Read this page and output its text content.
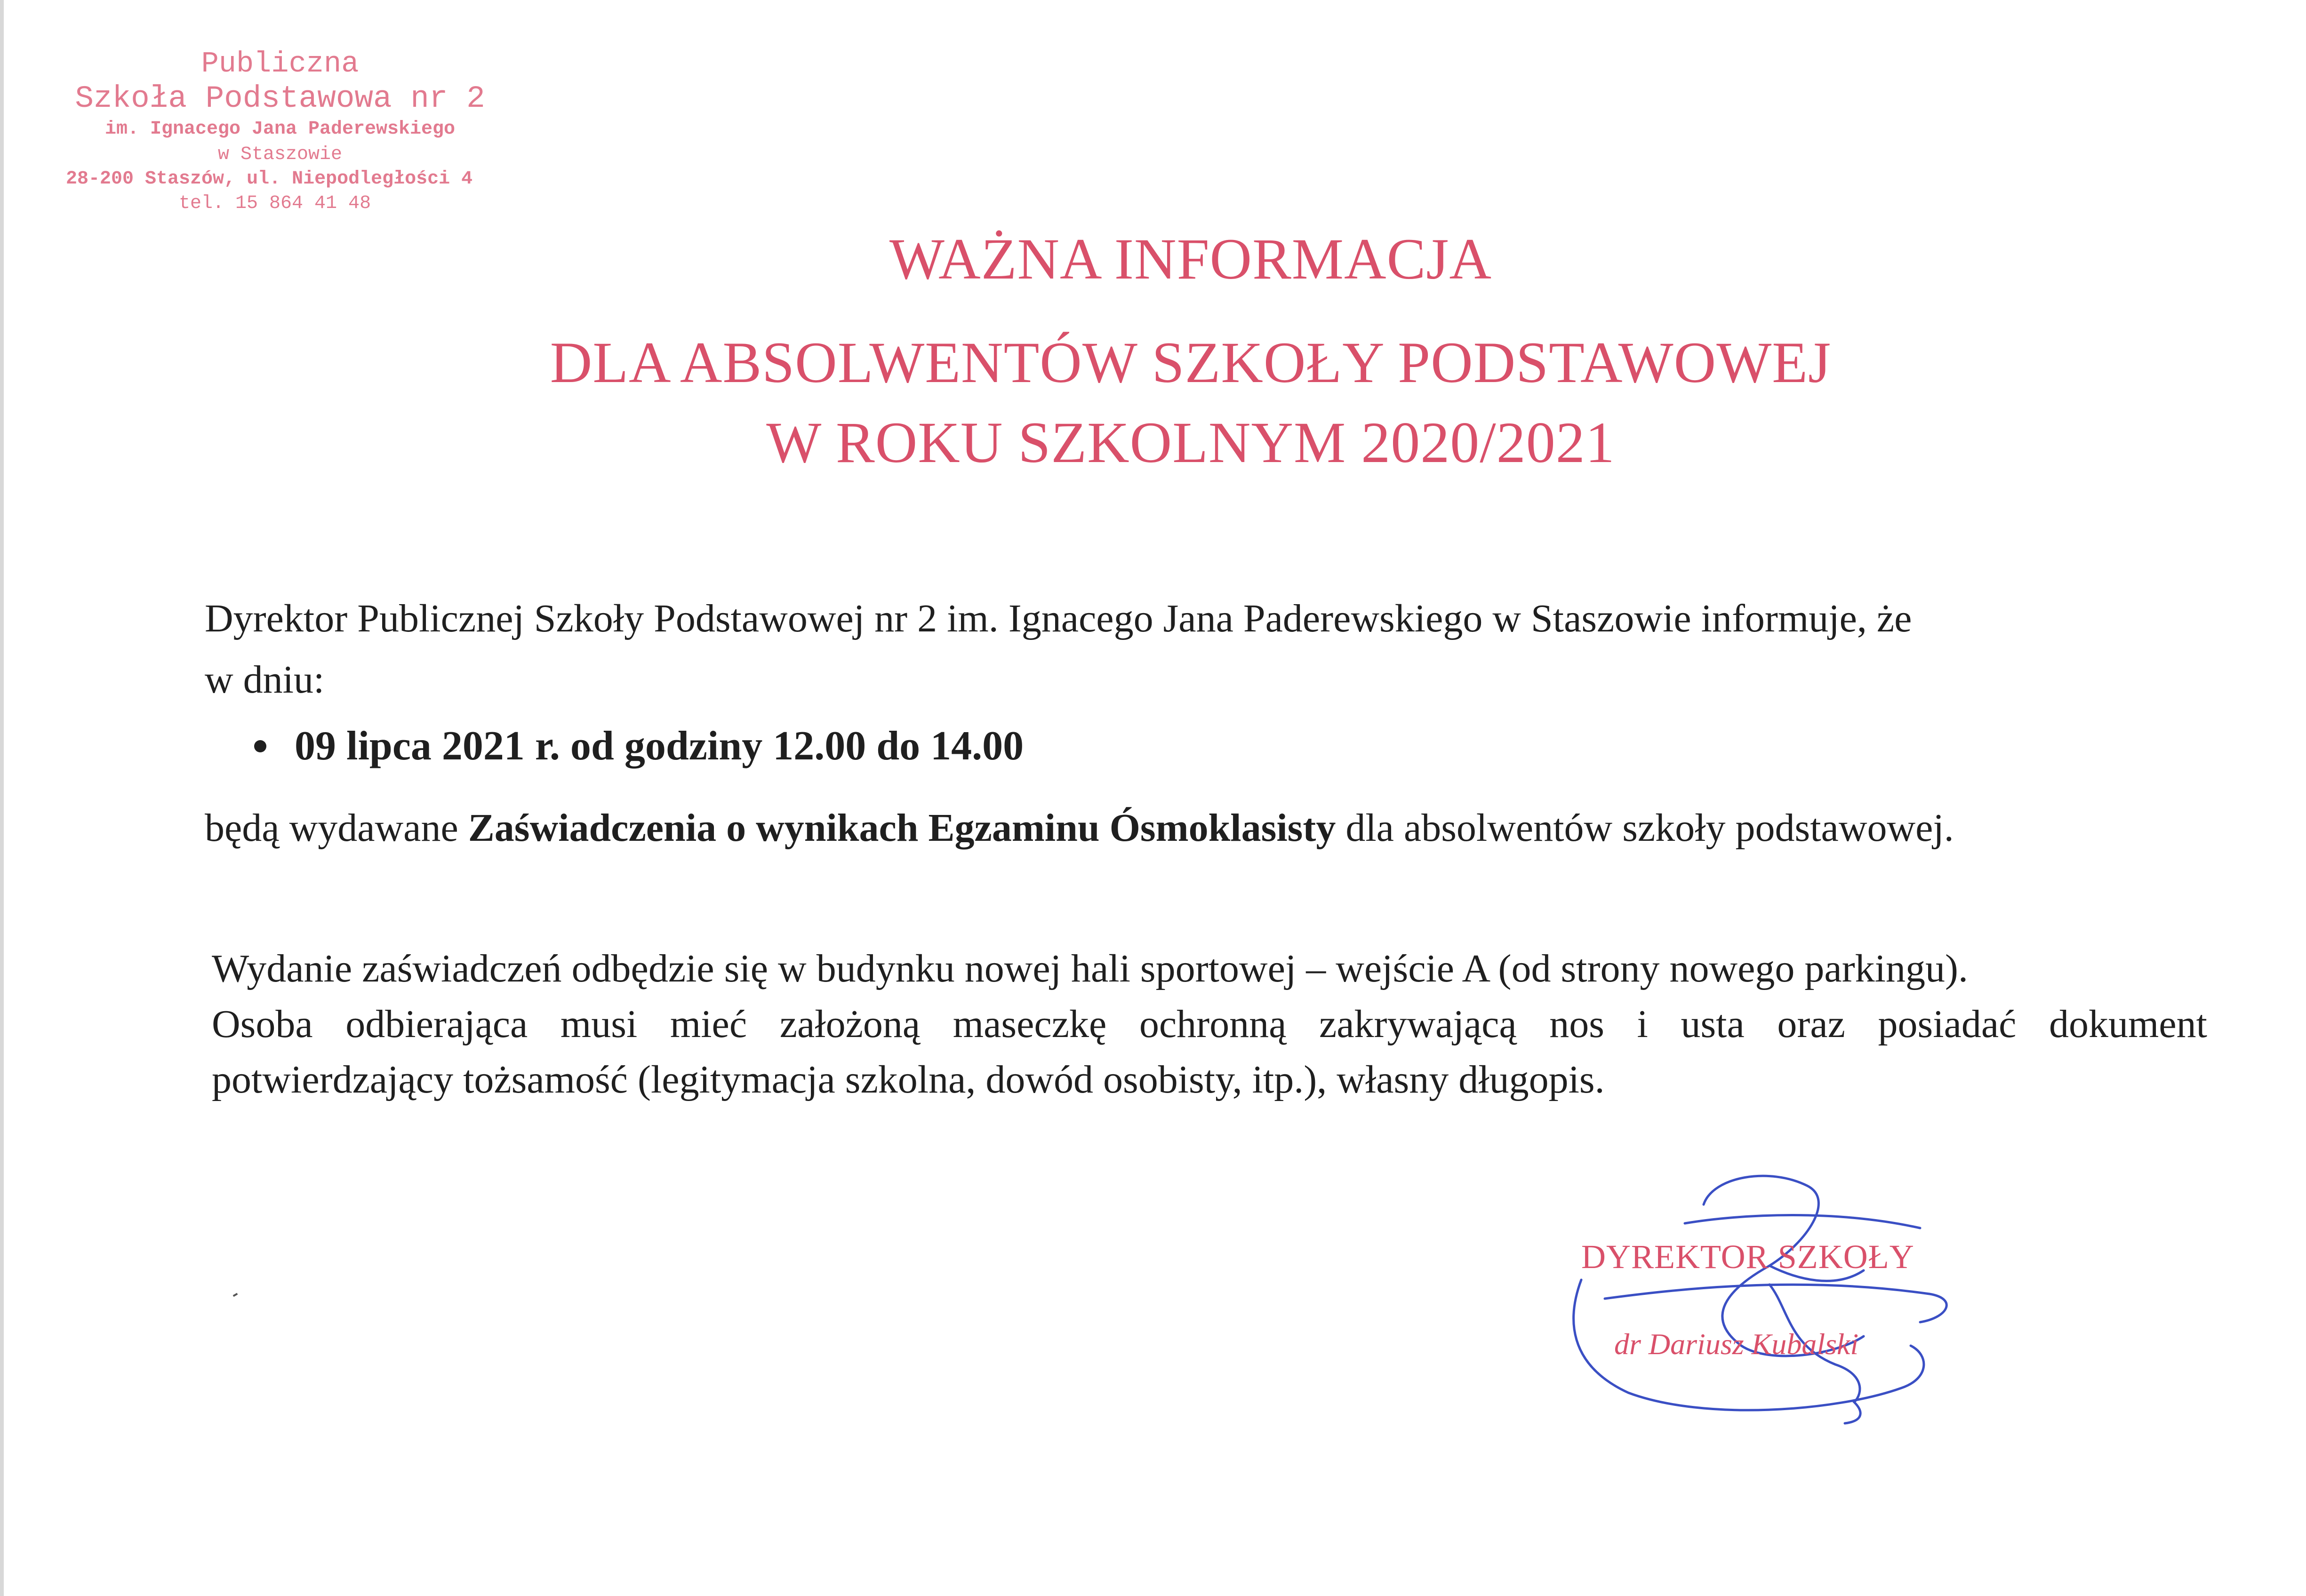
Publiczna
Szkoła Podstawowa nr 2
im. Ignacego Jana Paderewskiego
w Staszowie
28-200 Staszów, ul. Niepodległości 4
tel. 15 864 41 48
WAŻNA INFORMACJA
DLA ABSOLWENTÓW SZKOŁY PODSTAWOWEJ
W ROKU SZKOLNYM 2020/2021
Dyrektor Publicznej Szkoły Podstawowej nr 2 im. Ignacego Jana Paderewskiego w Staszowie informuje, że
w dniu:
09 lipca 2021 r. od godziny 12.00 do 14.00
będą wydawane Zaświadczenia o wynikach Egzaminu Ósmoklasisty dla absolwentów szkoły podstawowej.
Wydanie zaświadczeń odbędzie się w budynku nowej hali sportowej – wejście A (od strony nowego parkingu).
Osoba odbierająca musi mieć założoną maseczkę ochronną zakrywającą nos i usta oraz posiadać dokument
potwierdzający tożsamość (legitymacja szkolna, dowód osobisty, itp.), własny długopis.
DYREKTOR SZKOŁY
dr Dariusz Kubalski
